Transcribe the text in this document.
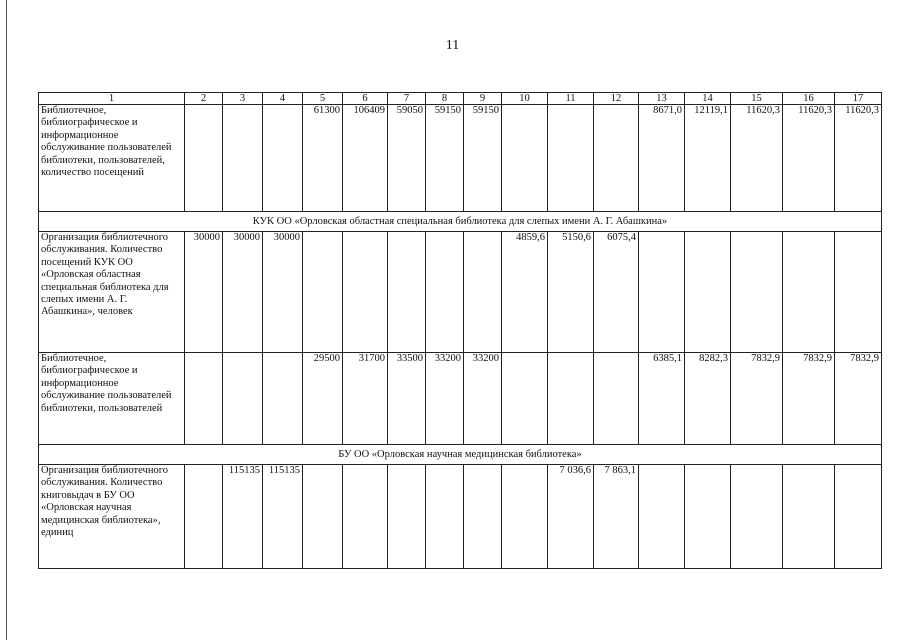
11
1	2	3	4	5	6	7	8	9	10	11	12	13	14	15	16	17
Библиотечное, библиографическое и информационное обслуживание пользователей библиотеки, пользователей, количество посещений				61300	106409	59050	59150	59150				8671,0	12119,1	11620,3	11620,3	11620,3
КУК ОО «Орловская областная специальная библиотека для слепых имени А. Г. Абашкина»																
Организация библиотечного обслуживания. Количество посещений КУК ОО «Орловская областная специальная библиотека для слепых имени А. Г. Абашкина», человек	30000	30000	30000						4859,6	5150,6	6075,4					
Библиотечное, библиографическое и информационное обслуживание пользователей библиотеки, пользователей				29500	31700	33500	33200	33200				6385,1	8282,3	7832,9	7832,9	7832,9
БУ ОО «Орловская научная медицинская библиотека»																
Организация библиотечного обслуживания. Количество книговыдач в БУ ОО «Орловская научная медицинская библиотека», единиц		115135	115135							7 036,6	7 863,1					
